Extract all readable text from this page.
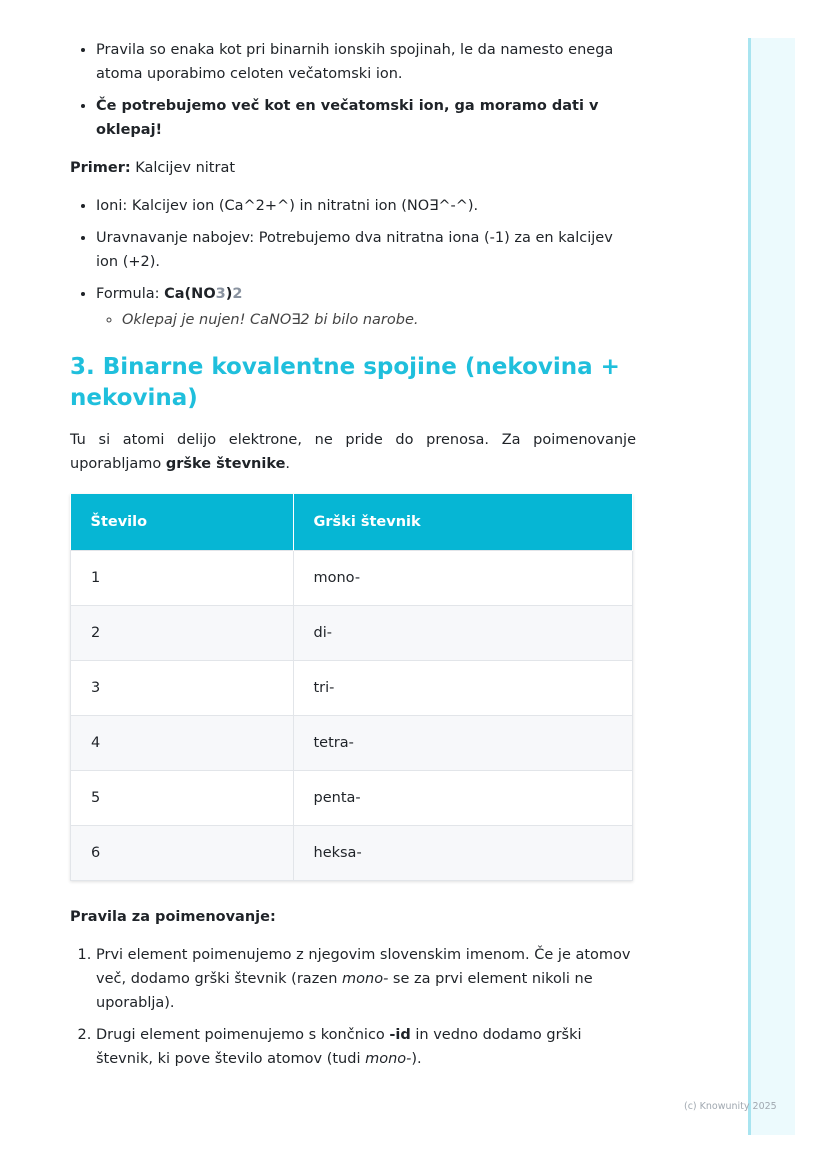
• Pravila so enaka kot pri binarnih ionskih spojinah, le da namesto enega atoma uporabimo celoten večatomski ion.
• Če potrebujemo več kot en večatomski ion, ga moramo dati v oklepaj!

Primer: Kalcijev nitrat

• Ioni: Kalcijev ion (Ca^2+^) in nitratni ion (NO∃^-^).
• Uravnavanje nabojev: Potrebujemo dva nitratna iona (-1) za en kalcijev ion (+2).
• Formula: Ca(NO3)2
◦ Oklepaj je nujen! CaNO∃2 bi bilo narobe.
3. Binarne kovalentne spojine (nekovina + nekovina)

Tu si atomi delijo elektrone, ne pride do prenosa. Za poimenovanje uporabljamo grške števnike.

Število	Grški števnik
1	mono-
2	di-
3	tri-
4	tetra-
5	penta-
6	heksa-

Pravila za poimenovanje:

1. Prvi element poimenujemo z njegovim slovenskim imenom. Če je atomov več, dodamo grški števnik (razen mono- se za prvi element nikoli ne uporablja).
2. Drugi element poimenujemo s končnico -id in vedno dodamo grški števnik, ki pove število atomov (tudi mono-).
(c) Knowunity 2025
